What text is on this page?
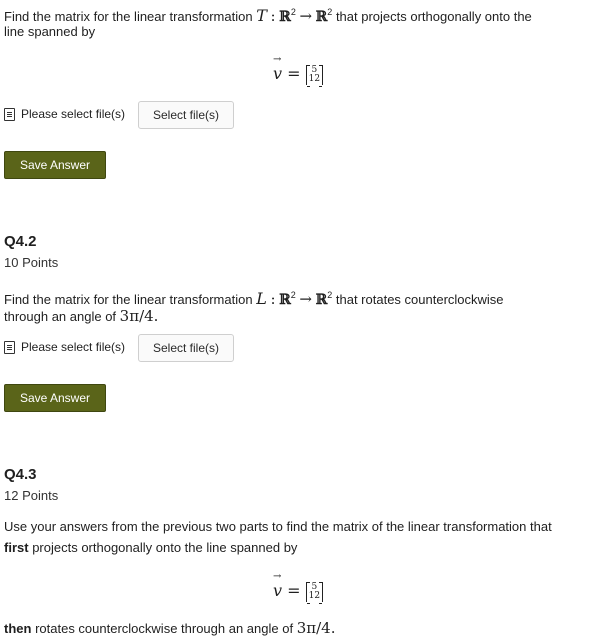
Find the matrix for the linear transformation T : ℝ$^2$ → ℝ$^2$ that projects orthogonally onto the
line spanned by
→ v = 5
12
Please select file(s)	Select file(s)
Save Answer
Q4.2
10 Points
Find the matrix for the linear transformation L : ℝ$^2$ → ℝ$^2$ that rotates counterclockwise
through an angle of 3π/4.
Please select file(s)	Select file(s)
Save Answer
Q4.3
12 Points
Use your answers from the previous two parts to find the matrix of the linear transformation that
first projects orthogonally onto the line spanned by
→ v = 5
12
then rotates counterclockwise through an angle of 3π/4.
